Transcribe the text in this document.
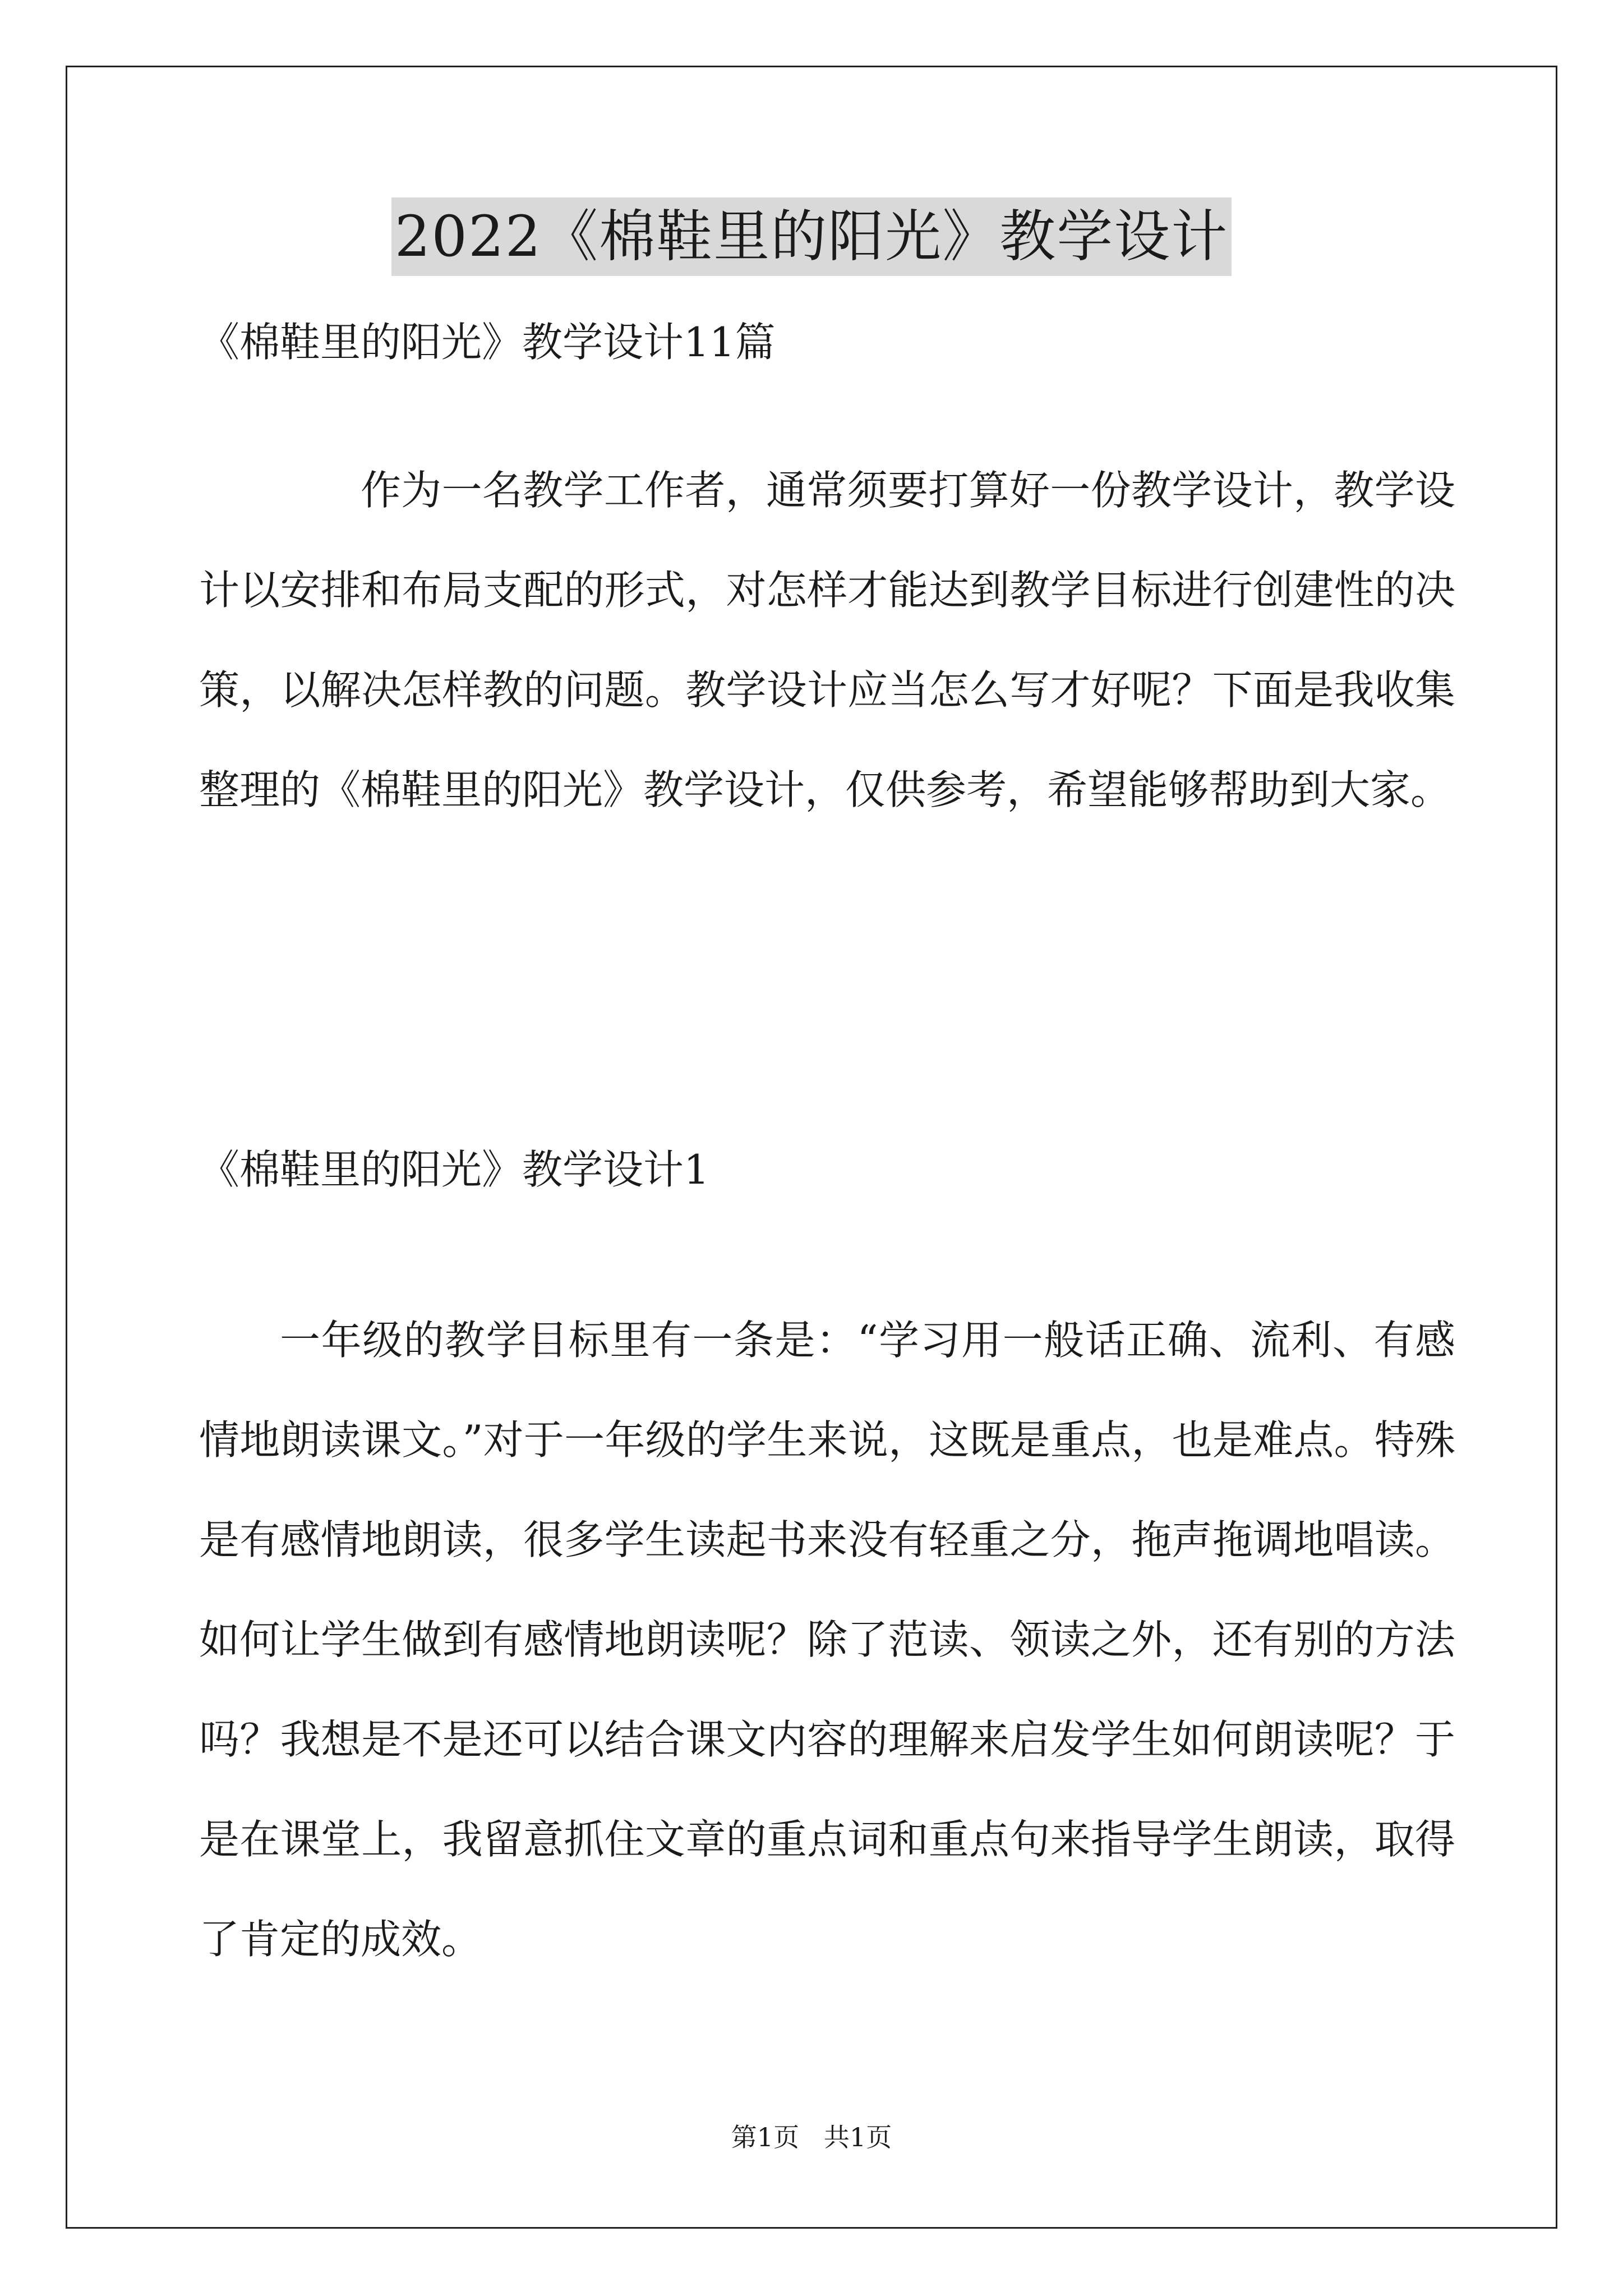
2022《棉鞋里的阳光》教学设计
《棉鞋里的阳光》教学设计11篇

作为一名教学工作者，通常须要打算好一份教学设计，教学设计以安排和布局支配的形式，对怎样才能达到教学目标进行创建性的决策，以解决怎样教的问题。教学设计应当怎么写才好呢？下面是我收集整理的《棉鞋里的阳光》教学设计，仅供参考，希望能够帮助到大家。

《棉鞋里的阳光》教学设计1

一年级的教学目标里有一条是：“学习用一般话正确、流利、有感情地朗读课文。”对于一年级的学生来说，这既是重点，也是难点。特殊是有感情地朗读，很多学生读起书来没有轻重之分，拖声拖调地唱读。如何让学生做到有感情地朗读呢？除了范读、领读之外，还有别的方法吗？我想是不是还可以结合课文内容的理解来启发学生如何朗读呢？于是在课堂上，我留意抓住文章的重点词和重点句来指导学生朗读，取得了肯定的成效。

第1页   共1页
